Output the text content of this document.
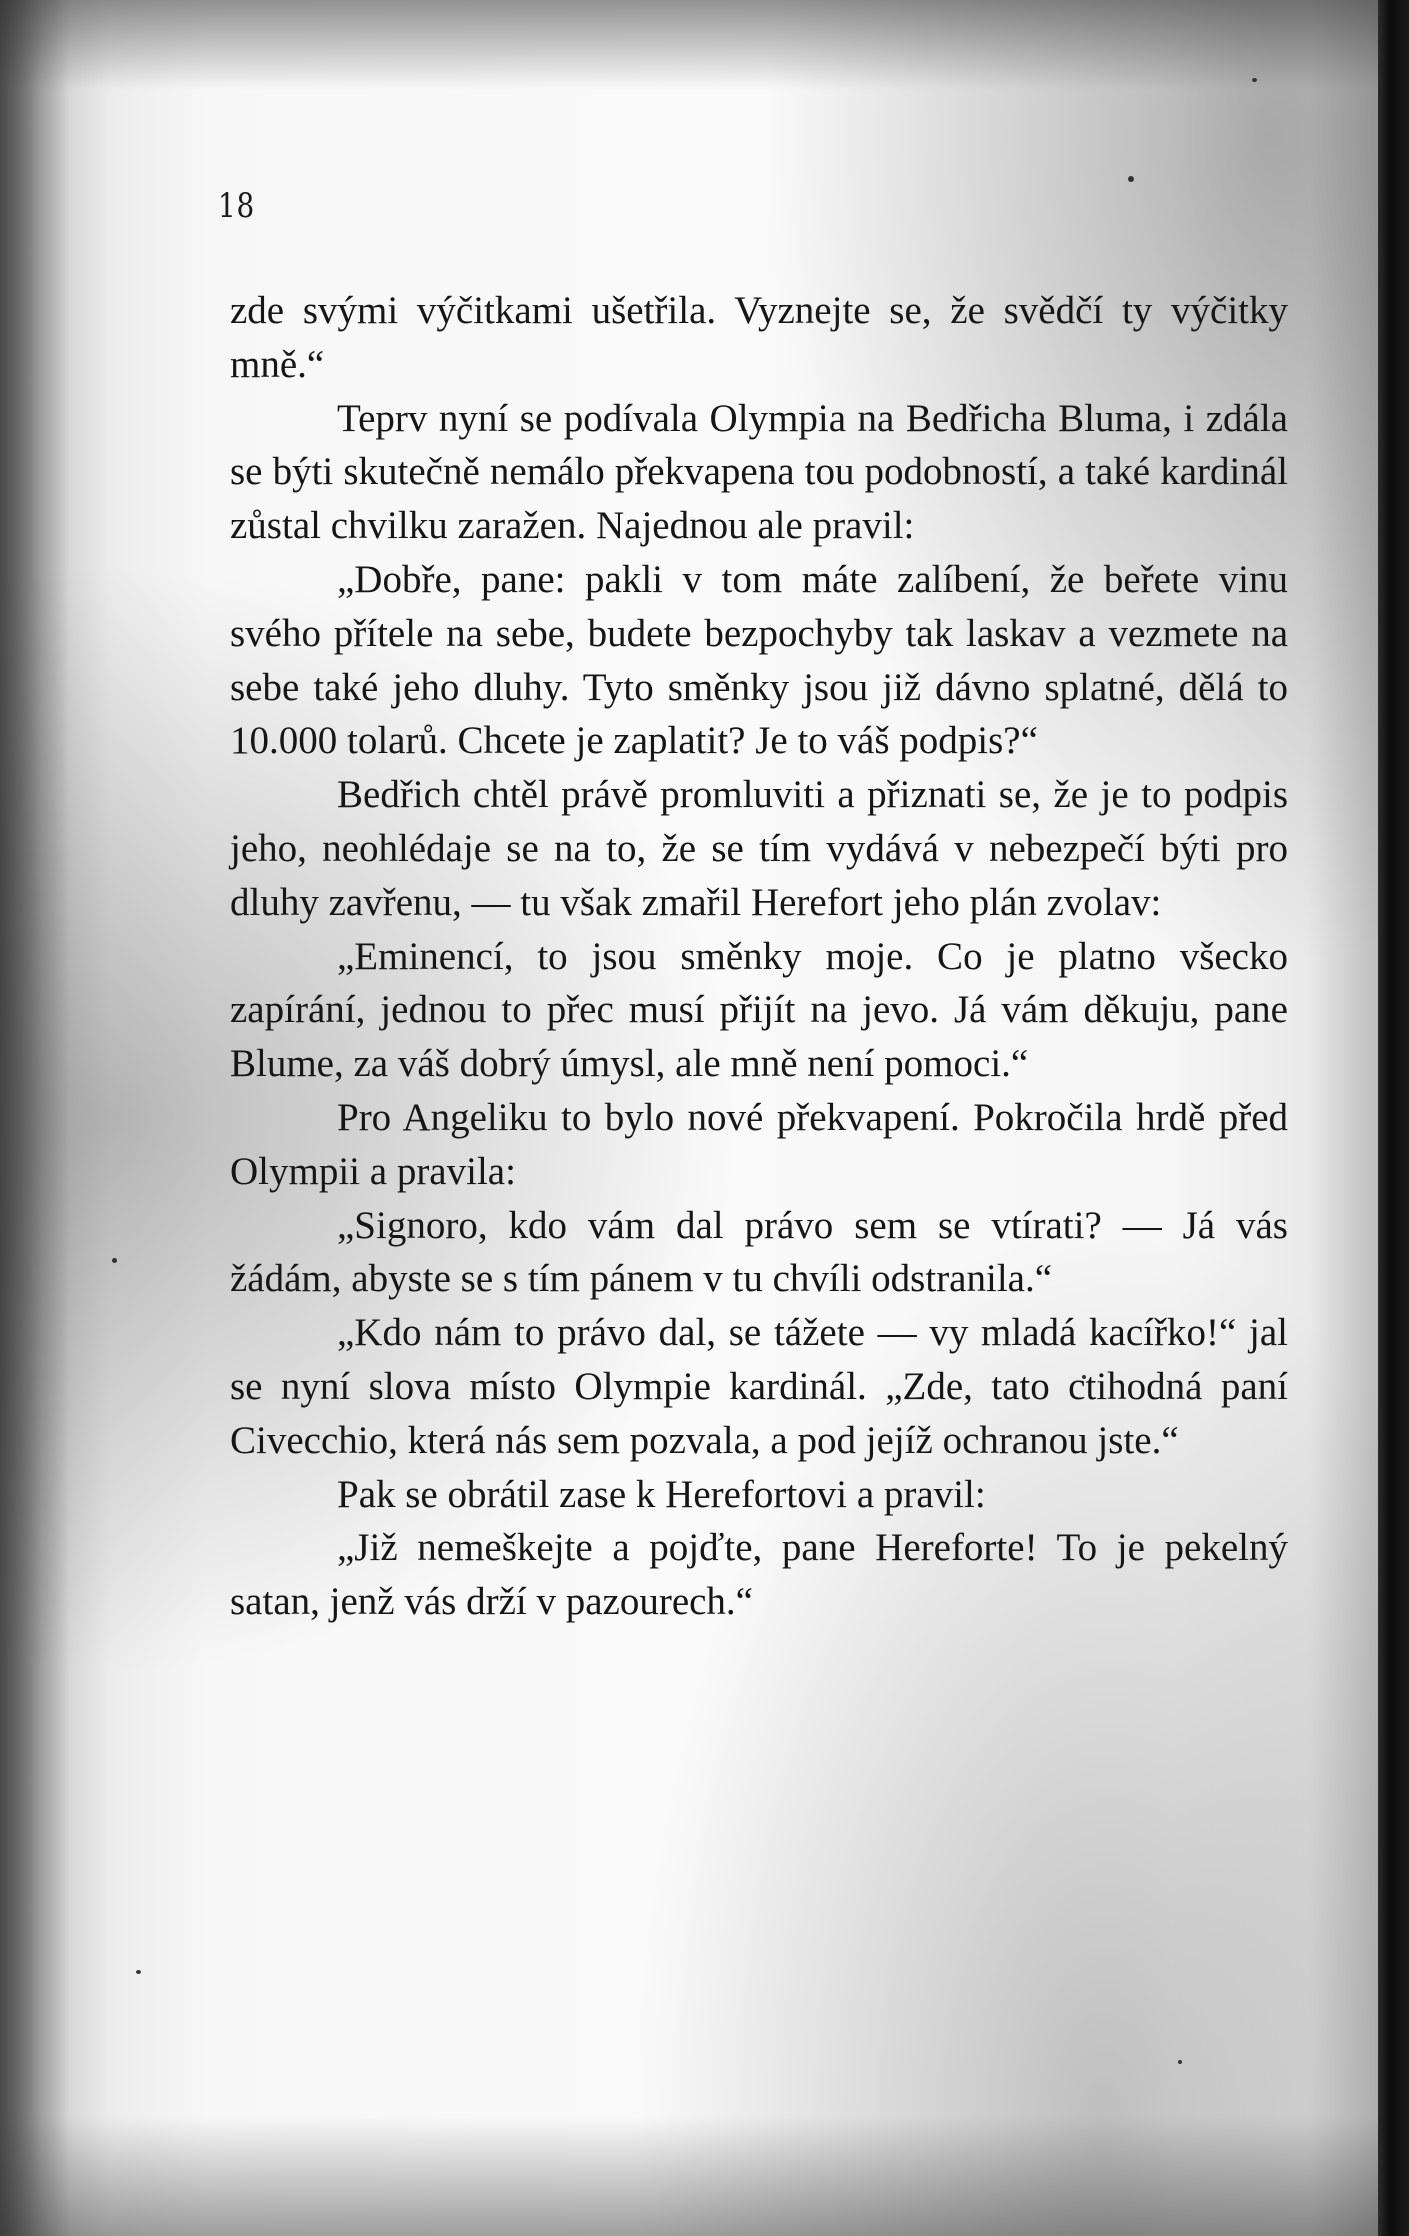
18

zde svými výčitkami ušetřila. Vyznejte se, že svědčí ty výčitky mně.“

Teprv nyní se podívala Olympia na Bedřicha Bluma, i zdála se býti skutečně nemálo překvapena tou podobností, a také kardinál zůstal chvilku zaražen. Najednou ale pravil:

„Dobře, pane: pakli v tom máte zalíbení, že beřete vinu svého přítele na sebe, budete bezpochyby tak laskav a vezmete na sebe také jeho dluhy. Tyto směnky jsou již dávno splatné, dělá to 10.000 tolarů. Chcete je zaplatit? Je to váš podpis?“

Bedřich chtěl právě promluviti a přiznati se, že je to podpis jeho, neohlédaje se na to, že se tím vydává v nebezpečí býti pro dluhy zavřenu, — tu však zmařil Herefort jeho plán zvolav:

„Eminencí, to jsou směnky moje. Co je platno všecko zapírání, jednou to přec musí přijít na jevo. Já vám děkuju, pane Blume, za váš dobrý úmysl, ale mně není pomoci.“

Pro Angeliku to bylo nové překvapení. Pokročila hrdě před Olympii a pravila:

„Signoro, kdo vám dal právo sem se vtírati? — Já vás žádám, abyste se s tím pánem v tu chvíli odstranila.“

„Kdo nám to právo dal, se tážete — vy mladá kacířko!“ jal se nyní slova místo Olympie kardinál. „Zde, tato ctihodná paní Civecchio, která nás sem pozvala, a pod jejíž ochranou jste.“

Pak se obrátil zase k Herefortovi a pravil:

„Již nemeškejte a pojďte, pane Hereforte! To je pekelný satan, jenž vás drží v pazourech.“
